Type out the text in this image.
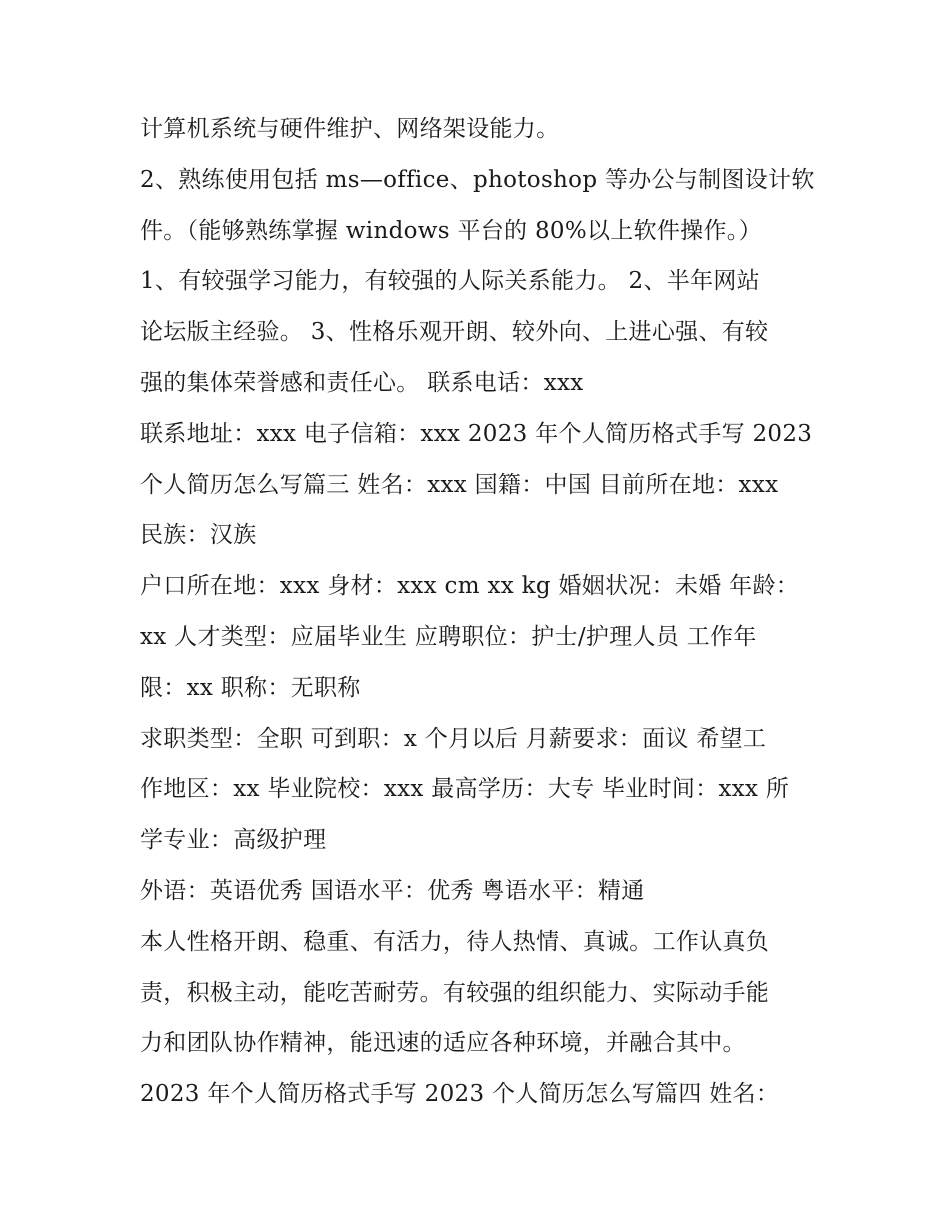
计算机系统与硬件维护、网络架设能力。
2、熟练使用包括 ms—office、photoshop 等办公与制图设计软
件。（能够熟练掌握 windows 平台的 80%以上软件操作。）
1、有较强学习能力，有较强的人际关系能力。 2、半年网站
论坛版主经验。 3、性格乐观开朗、较外向、上进心强、有较
强的集体荣誉感和责任心。 联系电话：xxx
联系地址：xxx 电子信箱：xxx 2023 年个人简历格式手写 2023
个人简历怎么写篇三 姓名：xxx 国籍：中国 目前所在地：xxx
民族：汉族
户口所在地：xxx 身材：xxx cm xx kg 婚姻状况：未婚 年龄：
xx 人才类型：应届毕业生 应聘职位：护士/护理人员 工作年
限：xx 职称：无职称
求职类型：全职 可到职：x 个月以后 月薪要求：面议 希望工
作地区：xx 毕业院校：xxx 最高学历：大专 毕业时间：xxx 所
学专业：高级护理
外语：英语优秀 国语水平：优秀 粤语水平：精通
本人性格开朗、稳重、有活力，待人热情、真诚。工作认真负
责，积极主动，能吃苦耐劳。有较强的组织能力、实际动手能
力和团队协作精神，能迅速的适应各种环境，并融合其中。
2023 年个人简历格式手写 2023 个人简历怎么写篇四 姓名：
